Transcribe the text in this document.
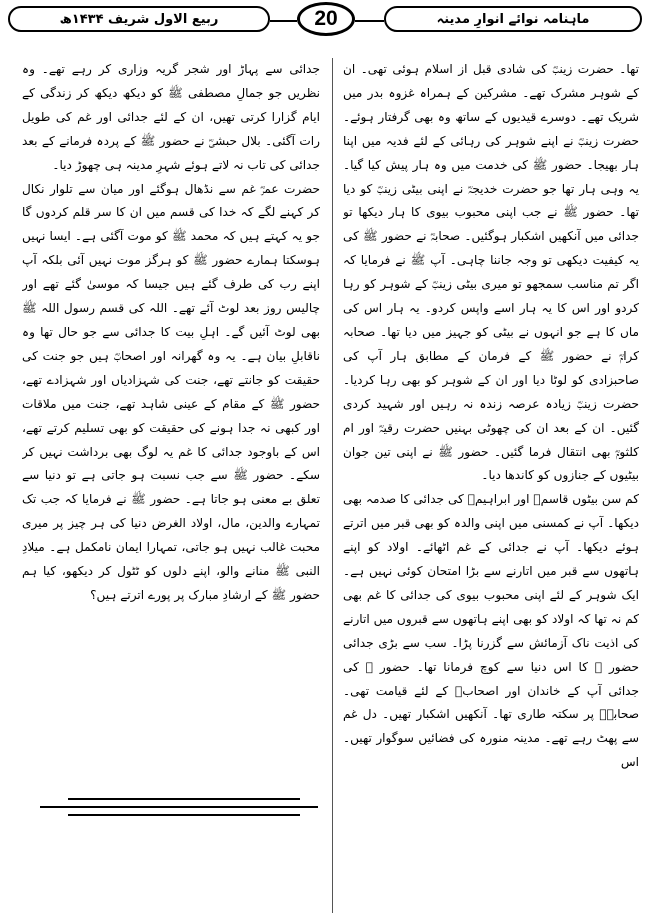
ربیع الاول شریف ۱۴۳۴ھ	20	ماہنامہ نوائے انوارِ مدینہ

تھا۔ حضرت زینبؓ کی شادی قبل از اسلام ہوئی تھی۔ ان کے شوہر مشرک تھے۔ مشرکین کے ہمراہ غزوہ بدر میں شریک تھے۔ دوسرے قیدیوں کے ساتھ وہ بھی گرفتار ہوئے۔ حضرت زینبؓ نے اپنے شوہر کی رہائی کے لئے فدیہ میں اپنا ہار بھیجا۔ حضور ﷺ کی خدمت میں وہ ہار پیش کیا گیا۔ یہ وہی ہار تھا جو حضرت خدیجہؓ نے اپنی بیٹی زینبؓ کو دیا تھا۔ حضور ﷺ نے جب اپنی محبوب بیوی کا ہار دیکھا تو جدائی میں آنکھیں اشکبار ہوگئیں۔ صحابہؓ نے حضور ﷺ کی یہ کیفیت دیکھی تو وجہ جاننا چاہی۔ آپ ﷺ نے فرمایا کہ اگر تم مناسب سمجھو تو میری بیٹی زینبؓ کے شوہر کو رہا کردو اور اس کا یہ ہار اسے واپس کردو۔ یہ ہار اس کی ماں کا ہے جو انہوں نے بیٹی کو جہیز میں دیا تھا۔ صحابہ کرامؓ نے حضور ﷺ کے فرمان کے مطابق ہار آپ کی صاحبزادی کو لوٹا دیا اور ان کے شوہر کو بھی رہا کردیا۔ حضرت زینبؓ زیادہ عرصہ زندہ نہ رہیں اور شہید کردی گئیں۔ ان کے بعد ان کی چھوٹی بہنیں حضرت رقیہؓ اور ام کلثومؓ بھی انتقال فرما گئیں۔ حضور ﷺ نے اپنی تین جوان بیٹیوں کے جنازوں کو کاندھا دیا۔

کم سن بیٹوں قاسمؓ اور ابراہیمؓ کی جدائی کا صدمہ بھی دیکھا۔ آپ نے کمسنی میں اپنی والدہ کو بھی قبر میں اترتے ہوئے دیکھا۔ آپ نے جدائی کے غم اٹھائے۔ اولاد کو اپنے ہاتھوں سے قبر میں اتارنے سے بڑا امتحان کوئی نہیں ہے۔ ایک شوہر کے لئے اپنی محبوب بیوی کی جدائی کا غم بھی کم نہ تھا کہ اولاد کو بھی اپنے ہاتھوں سے قبروں میں اتارنے کی اذیت ناک آزمائش سے گزرنا پڑا۔ سب سے بڑی جدائی حضور ﷺ کا اس دنیا سے کوچ فرمانا تھا۔ حضور ﷺ کی جدائی آپ کے خاندان اور اصحابؓ کے لئے قیامت تھی۔ صحابہؓ پر سکتہ طاری تھا۔ آنکھیں اشکبار تھیں۔ دل غم سے پھٹ رہے تھے۔ مدینہ منورہ کی فضائیں سوگوار تھیں۔ اس

جدائی سے پہاڑ اور شجر گریہ وزاری کر رہے تھے۔ وہ نظریں جو جمالِ مصطفی ﷺ کو دیکھ دیکھ کر زندگی کے ایام گزارا کرتی تھیں، ان کے لئے جدائی اور غم کی طویل رات آگئی۔ بلال حبشیؓ نے حضور ﷺ کے پردہ فرمانے کے بعد جدائی کی تاب نہ لاتے ہوئے شہرِ مدینہ ہی چھوڑ دیا۔

حضرت عمرؓ غم سے نڈھال ہوگئے اور میان سے تلوار نکال کر کہنے لگے کہ خدا کی قسم میں ان کا سر قلم کردوں گا جو یہ کہتے ہیں کہ محمد ﷺ کو موت آگئی ہے۔ ایسا نہیں ہوسکتا ہمارے حضور ﷺ کو ہرگز موت نہیں آئی بلکہ آپ اپنے رب کی طرف گئے ہیں جیسا کہ موسیٰ گئے تھے اور چالیس روز بعد لوٹ آئے تھے۔ اللہ کی قسم رسول اللہ ﷺ بھی لوٹ آئیں گے۔ اہلِ بیت کا جدائی سے جو حال تھا وہ ناقابلِ بیان ہے۔ یہ وہ گھرانہ اور اصحابؓ ہیں جو جنت کی حقیقت کو جانتے تھے، جنت کی شہزادیاں اور شہزادے تھے، حضور ﷺ کے مقام کے عینی شاہد تھے، جنت میں ملاقات اور کبھی نہ جدا ہونے کی حقیقت کو بھی تسلیم کرتے تھے، اس کے باوجود جدائی کا غم یہ لوگ بھی برداشت نہیں کر سکے۔ حضور ﷺ سے جب نسبت ہو جاتی ہے تو دنیا سے تعلق بے معنی ہو جاتا ہے۔ حضور ﷺ نے فرمایا کہ جب تک تمہارے والدین، مال، اولاد الغرض دنیا کی ہر چیز پر میری محبت غالب نہیں ہو جاتی، تمہارا ایمان نامکمل ہے۔ میلادِ النبی ﷺ منانے والو، اپنے دلوں کو ٹٹول کر دیکھو، کیا ہم حضور ﷺ کے ارشادِ مبارک پر پورے اترتے ہیں؟
